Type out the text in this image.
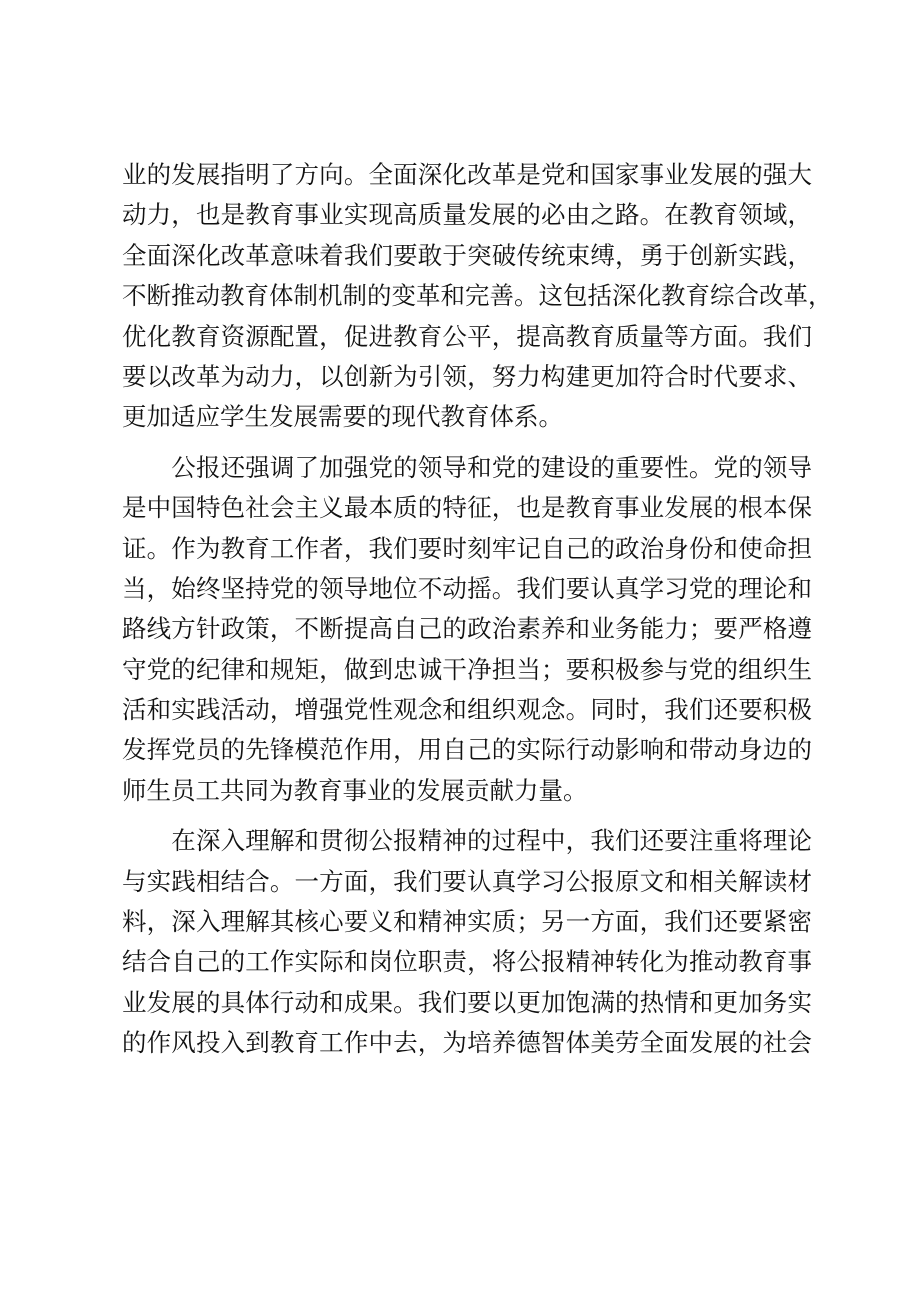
业的发展指明了方向。全面深化改革是党和国家事业发展的强大
动力，也是教育事业实现高质量发展的必由之路。在教育领域，
全面深化改革意味着我们要敢于突破传统束缚，勇于创新实践，
不断推动教育体制机制的变革和完善。这包括深化教育综合改革，
优化教育资源配置，促进教育公平，提高教育质量等方面。我们
要以改革为动力，以创新为引领，努力构建更加符合时代要求、
更加适应学生发展需要的现代教育体系。
　　公报还强调了加强党的领导和党的建设的重要性。党的领导
是中国特色社会主义最本质的特征，也是教育事业发展的根本保
证。作为教育工作者，我们要时刻牢记自己的政治身份和使命担
当，始终坚持党的领导地位不动摇。我们要认真学习党的理论和
路线方针政策，不断提高自己的政治素养和业务能力；要严格遵
守党的纪律和规矩，做到忠诚干净担当；要积极参与党的组织生
活和实践活动，增强党性观念和组织观念。同时，我们还要积极
发挥党员的先锋模范作用，用自己的实际行动影响和带动身边的
师生员工共同为教育事业的发展贡献力量。
　　在深入理解和贯彻公报精神的过程中，我们还要注重将理论
与实践相结合。一方面，我们要认真学习公报原文和相关解读材
料，深入理解其核心要义和精神实质；另一方面，我们还要紧密
结合自己的工作实际和岗位职责，将公报精神转化为推动教育事
业发展的具体行动和成果。我们要以更加饱满的热情和更加务实
的作风投入到教育工作中去，为培养德智体美劳全面发展的社会
